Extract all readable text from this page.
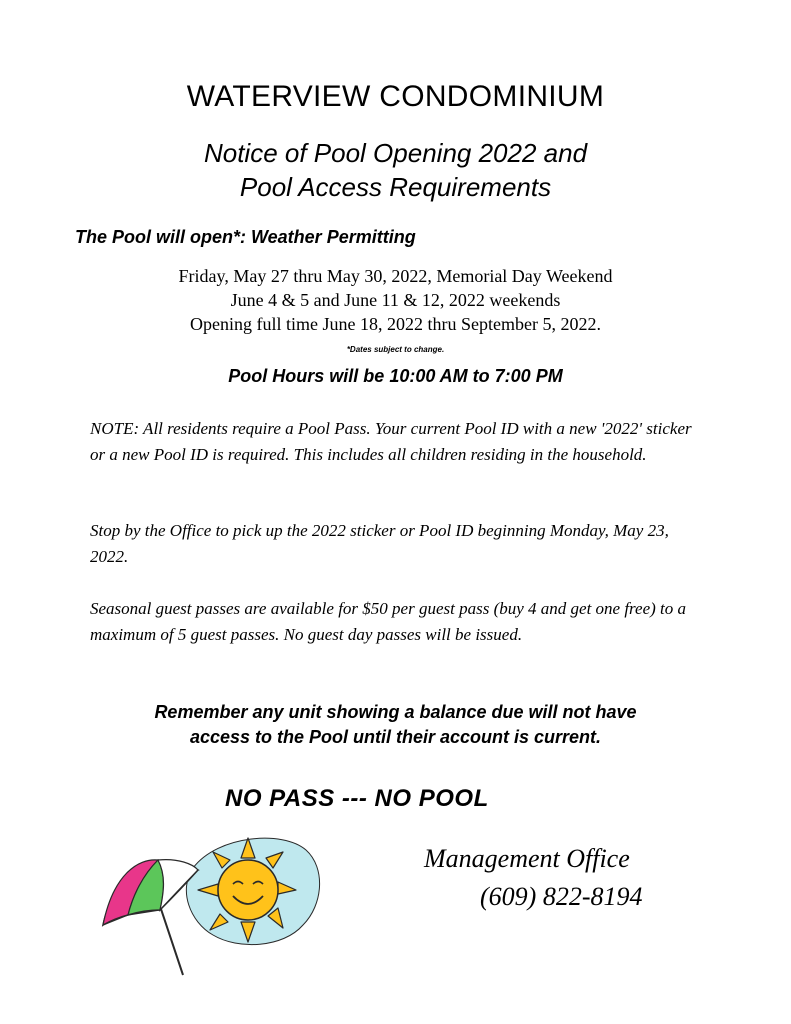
WATERVIEW CONDOMINIUM
Notice of Pool Opening 2022 and
Pool Access Requirements
The Pool will open*: Weather Permitting
Friday, May 27 thru May 30, 2022, Memorial Day Weekend
June 4 & 5 and June 11 & 12, 2022 weekends
Opening full time June 18, 2022 thru September 5, 2022.
*Dates subject to change.
Pool Hours will be 10:00 AM to 7:00 PM
NOTE: All residents require a Pool Pass. Your current Pool ID with a new '2022' sticker or a new Pool ID is required. This includes all children residing in the household.
Stop by the Office to pick up the 2022 sticker or Pool ID beginning Monday, May 23, 2022.
Seasonal guest passes are available for $50 per guest pass (buy 4 and get one free) to a maximum of 5 guest passes. No guest day passes will be issued.
Remember any unit showing a balance due will not have
access to the Pool until their account is current.
NO PASS --- NO POOL
Management Office
(609) 822-8194
